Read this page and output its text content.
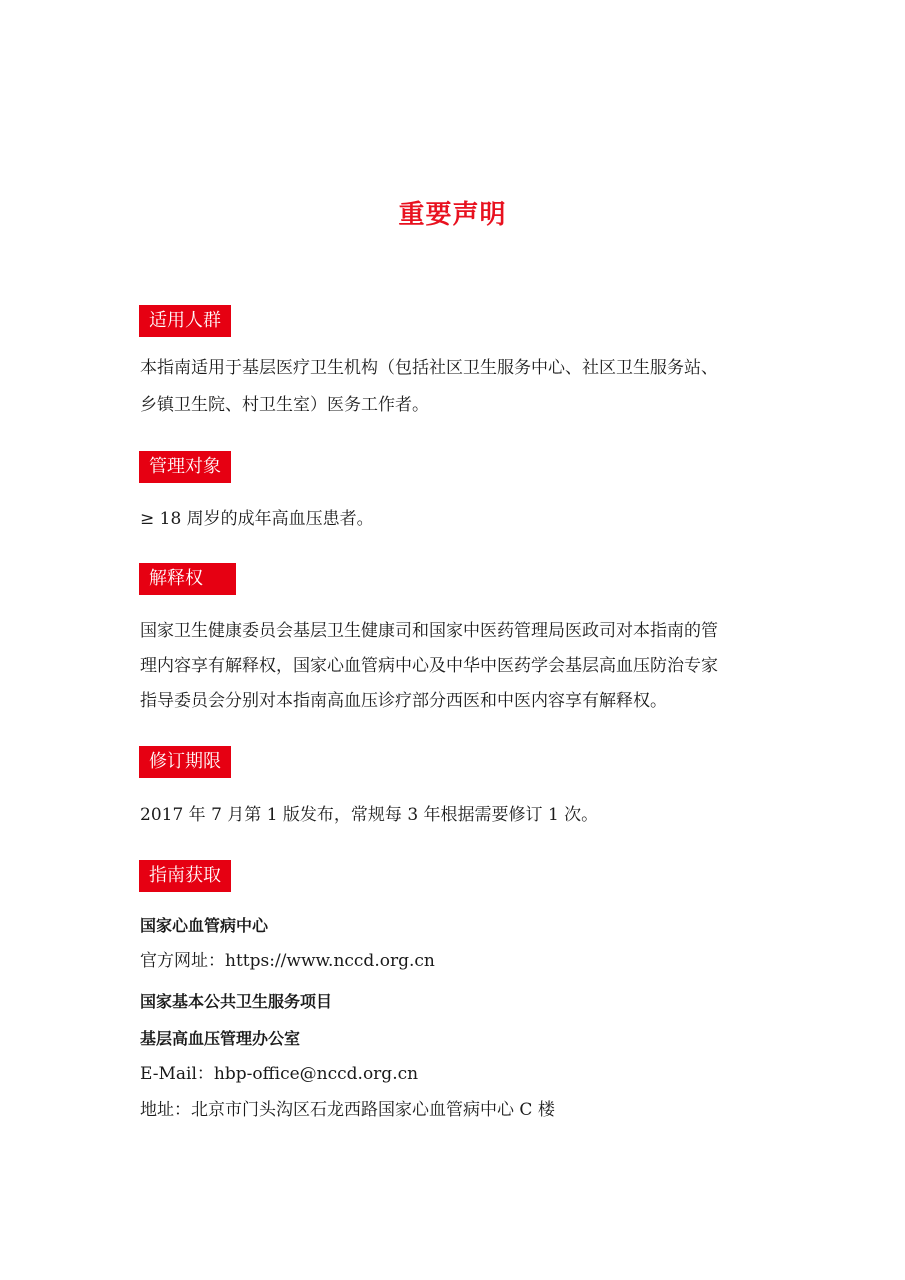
重要声明
适用人群
本指南适用于基层医疗卫生机构（包括社区卫生服务中心、社区卫生服务站、
乡镇卫生院、村卫生室）医务工作者。
管理对象
≥ 18 周岁的成年高血压患者。
解释权
国家卫生健康委员会基层卫生健康司和国家中医药管理局医政司对本指南的管
理内容享有解释权，国家心血管病中心及中华中医药学会基层高血压防治专家
指导委员会分别对本指南高血压诊疗部分西医和中医内容享有解释权。
修订期限
2017 年 7 月第 1 版发布，常规每 3 年根据需要修订 1 次。
指南获取
国家心血管病中心
官方网址：https://www.nccd.org.cn
国家基本公共卫生服务项目
基层高血压管理办公室
E-Mail：hbp-office@nccd.org.cn
地址：北京市门头沟区石龙西路国家心血管病中心 C 楼
